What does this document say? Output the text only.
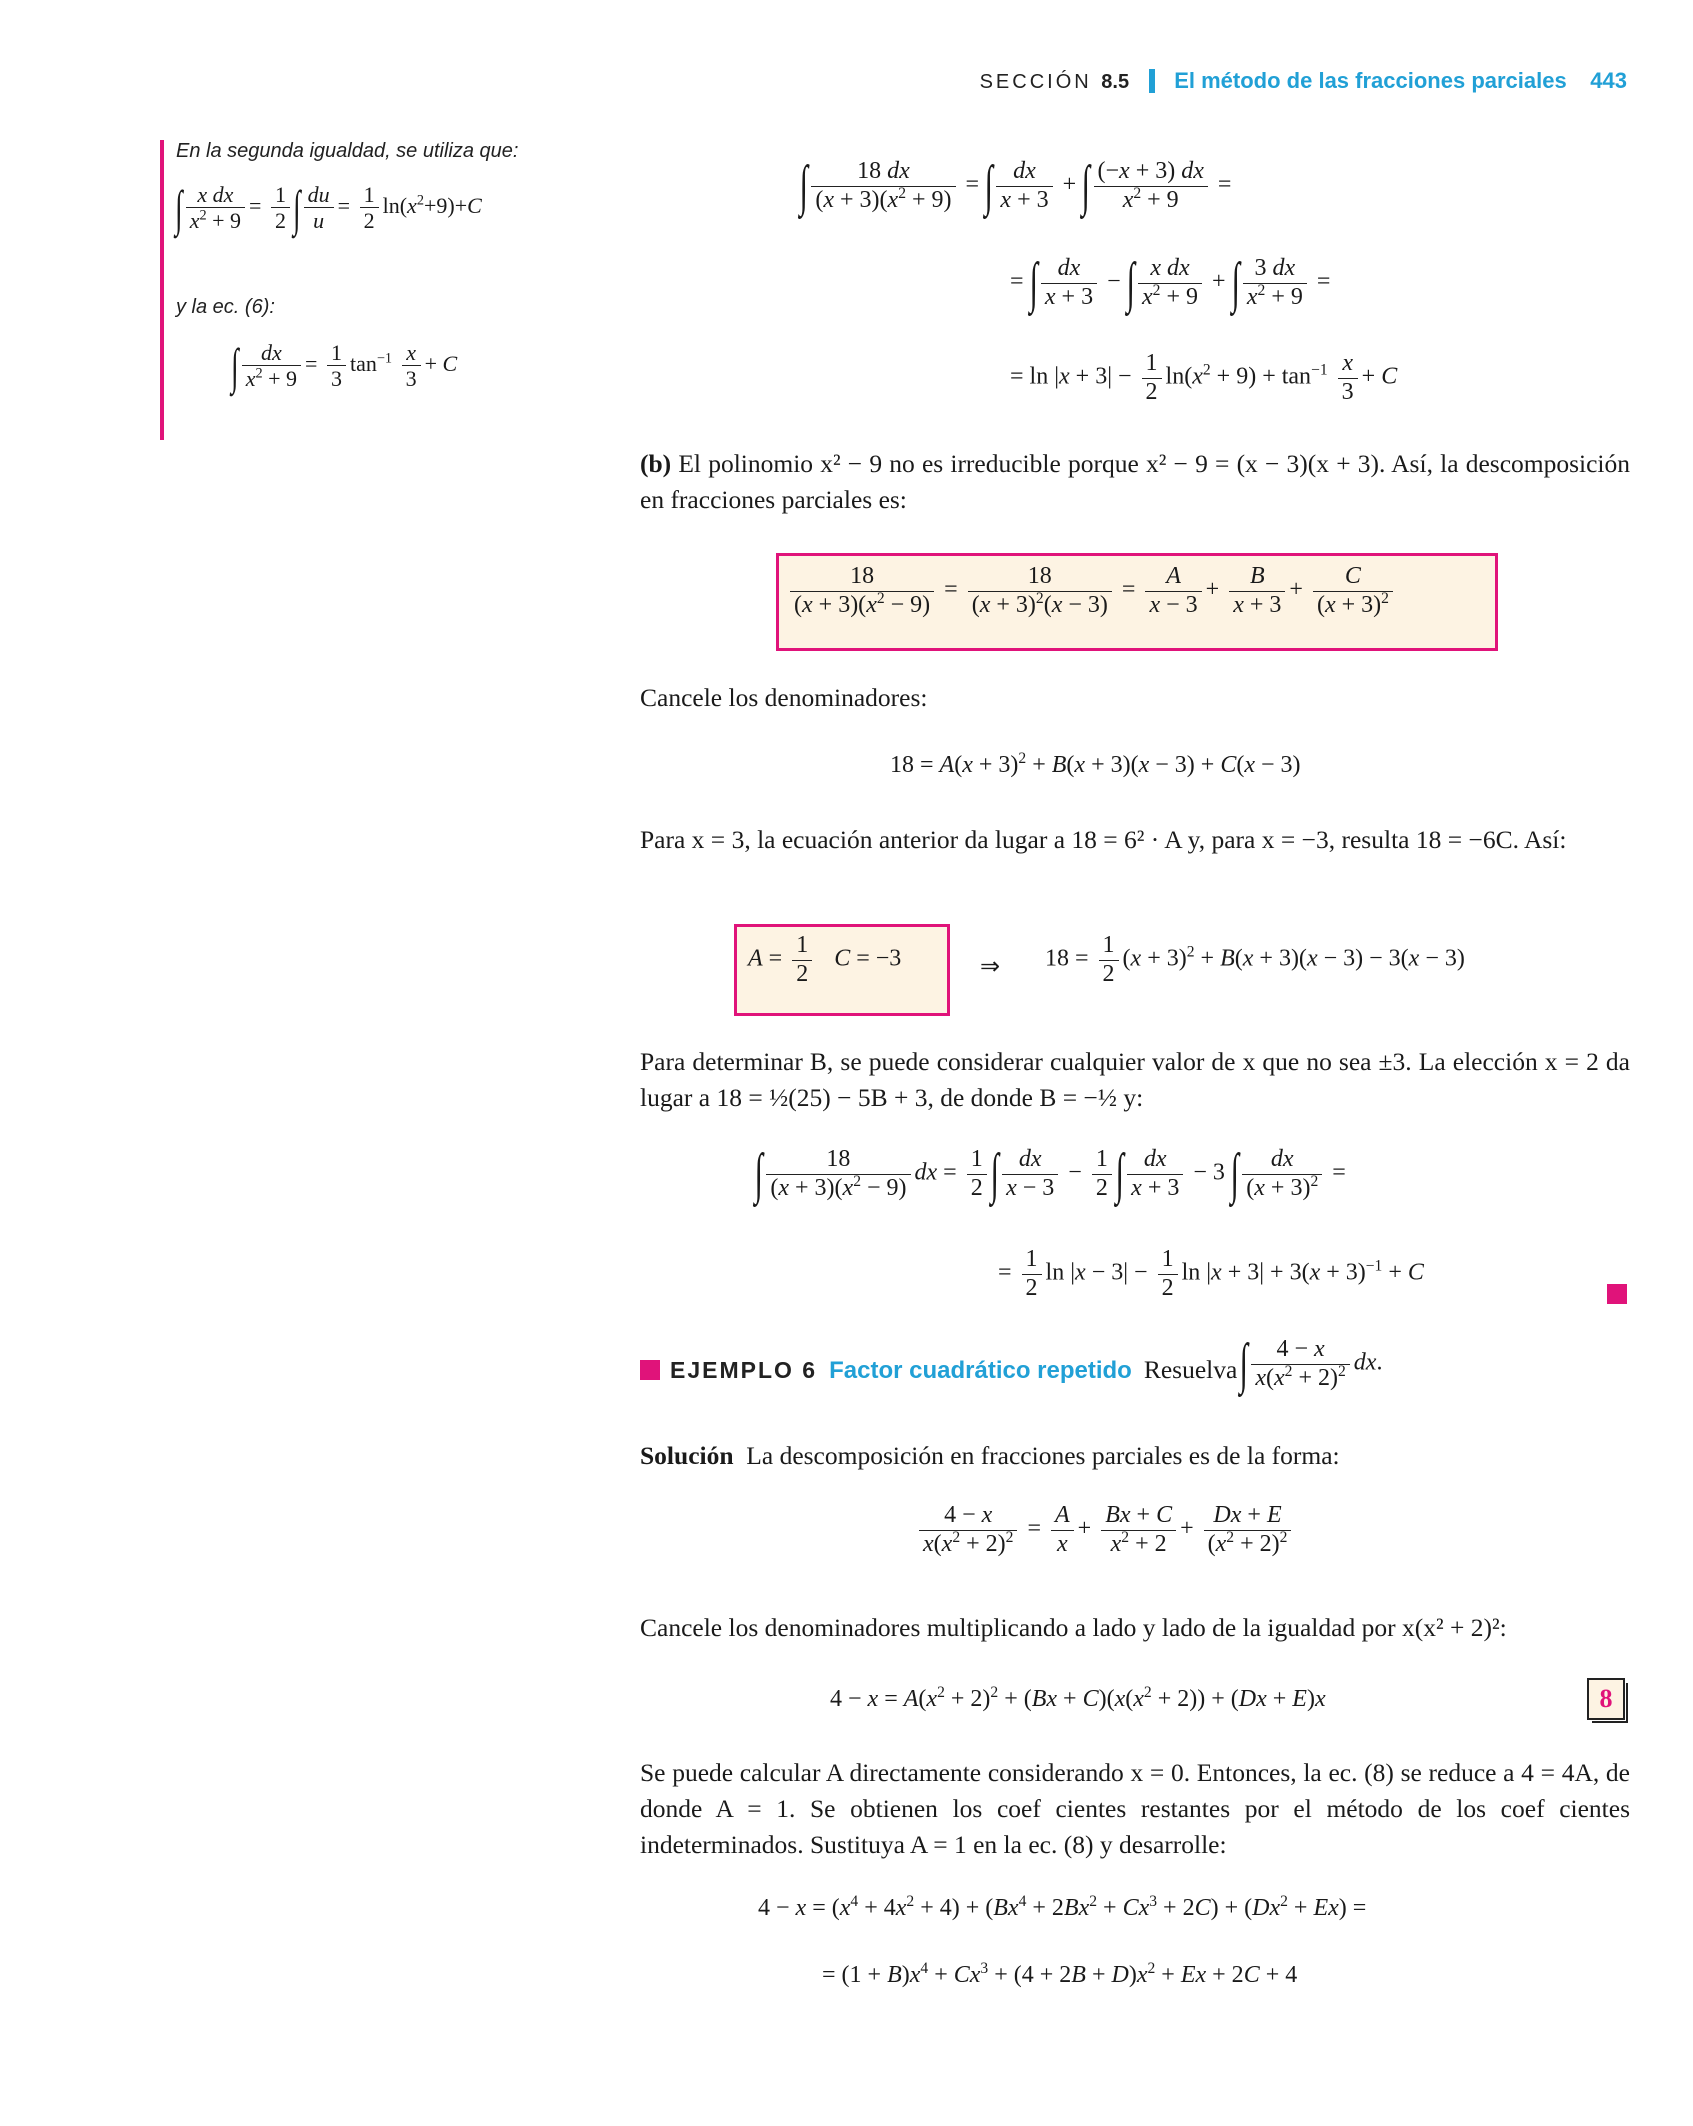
SECCIÓN 8.5 El método de las fracciones parciales 443
En la segunda igualdad, se utiliza que:
∫ $\frac{\text{x dx}}{x^2 + 9} = \frac{1}{2}$ ∫ $\frac{du}{u} = \frac{1}{2} \ln(x^2+9)+C$
y la ec. (6):
∫ $\frac{dx}{x^2 + 9} = \frac{1}{3} \tan^{-1} \frac{x}{3} + C$
∫ $\frac{18 dx}{(x + 3)(x^2 + 9)}$ = ∫ $\frac{dx}{x + 3}$ + ∫ $\frac{(-x + 3) dx}{x^2 + 9}$ =
= ∫ $\frac{dx}{x + 3}$ − ∫ $\frac{\text{x dx}}{x^2 + 9}$ + ∫ $\frac{3 dx}{x^2 + 9}$ =
= $\ln |x + 3| - \frac{1}{2} \ln(x^2 + 9) + \tan^{-1} \frac{x}{3} + C$
(b) El polinomio x² − 9 no es irreducible porque x² − 9 = (x − 3)(x + 3). Así, la descomposición en fracciones parciales es:
$\frac{18}{(x + 3)(x^2 - 9)} = \frac{18}{(x + 3)^2(x - 3)} = \frac{A}{x - 3} + \frac{B}{x + 3} + \frac{C}{(x + 3)^2}$
Cancele los denominadores:
$18 = A(x + 3)^2 + B(x + 3)(x - 3) + C(x - 3)$
Para x = 3, la ecuación anterior da lugar a 18 = 6² · A y, para x = −3, resulta 18 = −6C. Así:
$A = \frac{1}{2}$ C = −3	⇒ $18 = \frac{1}{2} (x + 3)^2 + B(x + 3)(x - 3) - 3(x - 3)$
Para determinar B, se puede considerar cualquier valor de x que no sea ±3. La elección x = 2 da lugar a 18 = ½(25) − 5B + 3, de donde B = −½ y:
∫ $\frac{18}{(x + 3)(x^2 - 9)}$ dx = $\frac{1}{2}$ ∫ $\frac{dx}{x - 3} - \frac{1}{2}$ ∫ $\frac{dx}{x + 3} - 3$ ∫ $\frac{dx}{(x + 3)^2}$ =
= $\frac{1}{2}$ $\ln |x - 3| - \frac{1}{2}$ $\ln |x + 3| + 3(x + 3)^{-1} + C$
EJEMPLO 6 Factor cuadrático repetido Resuelva ∫ $\frac{4 - x}{x(x^2 + 2)^2}$ dx.
Solución La descomposición en fracciones parciales es de la forma:
$\frac{4 - x}{x(x^2 + 2)^2} = \frac{A}{x} + \frac{Bx + C}{x^2 + 2} + \frac{Dx + E}{(x^2 + 2)^2}$
Cancele los denominadores multiplicando a lado y lado de la igualdad por x(x² + 2)²:
$4 - x = A(x^2 + 2)^2 + (Bx + C)(x(x^2 + 2)) + (Dx + E)x$	8
Se puede calcular A directamente considerando x = 0. Entonces, la ec. (8) se reduce a 4 = 4A, de donde A = 1. Se obtienen los coef cientes restantes por el método de los coef cientes indeterminados. Sustituya A = 1 en la ec. (8) y desarrolle:
$4 - x = (x^4 + 4x^2 + 4) + (Bx^4 + 2Bx^2 + Cx^3 + 2C) + (Dx^2 + Ex)$ =
= $(1 + B)x^4 + Cx^3 + (4 + 2B + D)x^2 + Ex + 2C + 4$
